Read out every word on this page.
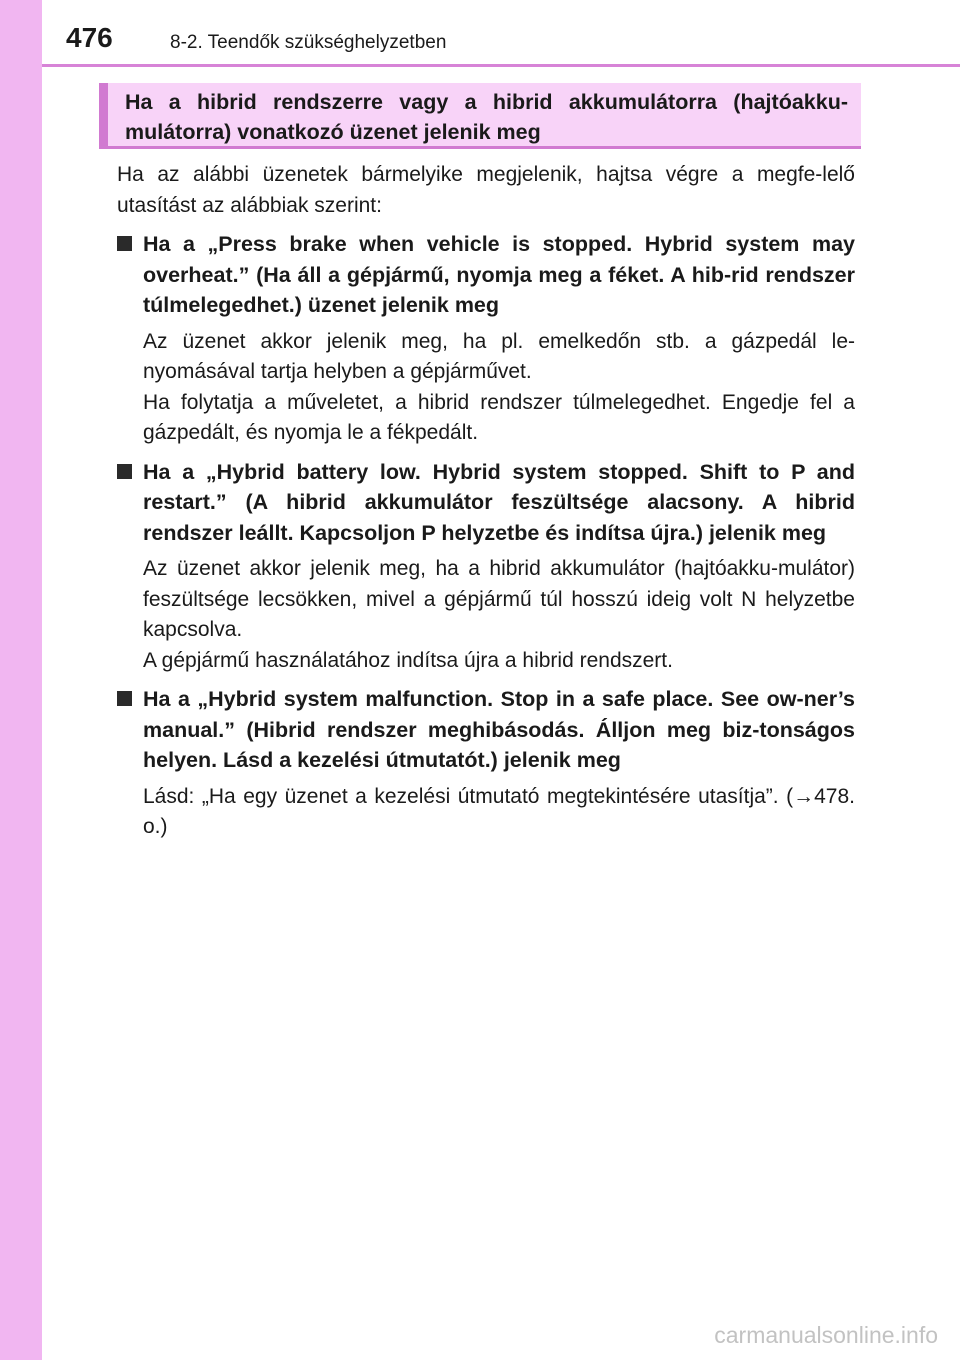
476	8-2. Teendők szükséghelyzetben
Ha a hibrid rendszerre vagy a hibrid akkumulátorra (hajtóakku-mulátorra) vonatkozó üzenet jelenik meg

Ha az alábbi üzenetek bármelyike megjelenik, hajtsa végre a megfe-lelő utasítást az alábbiak szerint:

Ha a „Press brake when vehicle is stopped. Hybrid system may overheat.” (Ha áll a gépjármű, nyomja meg a féket. A hib-rid rendszer túlmelegedhet.) üzenet jelenik meg

Az üzenet akkor jelenik meg, ha pl. emelkedőn stb. a gázpedál le-nyomásával tartja helyben a gépjárművet.

Ha folytatja a műveletet, a hibrid rendszer túlmelegedhet. Engedje fel a gázpedált, és nyomja le a fékpedált.

Ha a „Hybrid battery low. Hybrid system stopped. Shift to P and restart.” (A hibrid akkumulátor feszültsége alacsony. A hibrid rendszer leállt. Kapcsoljon P helyzetbe és indítsa újra.) jelenik meg

Az üzenet akkor jelenik meg, ha a hibrid akkumulátor (hajtóakku-mulátor) feszültsége lecsökken, mivel a gépjármű túl hosszú ideig volt N helyzetbe kapcsolva.

A gépjármű használatához indítsa újra a hibrid rendszert.

Ha a „Hybrid system malfunction. Stop in a safe place. See ow-ner’s manual.” (Hibrid rendszer meghibásodás. Álljon meg biz-tonságos helyen. Lásd a kezelési útmutatót.) jelenik meg

Lásd: „Ha egy üzenet a kezelési útmutató megtekintésére utasítja”. (→478. o.)

carmanualsonline.info
